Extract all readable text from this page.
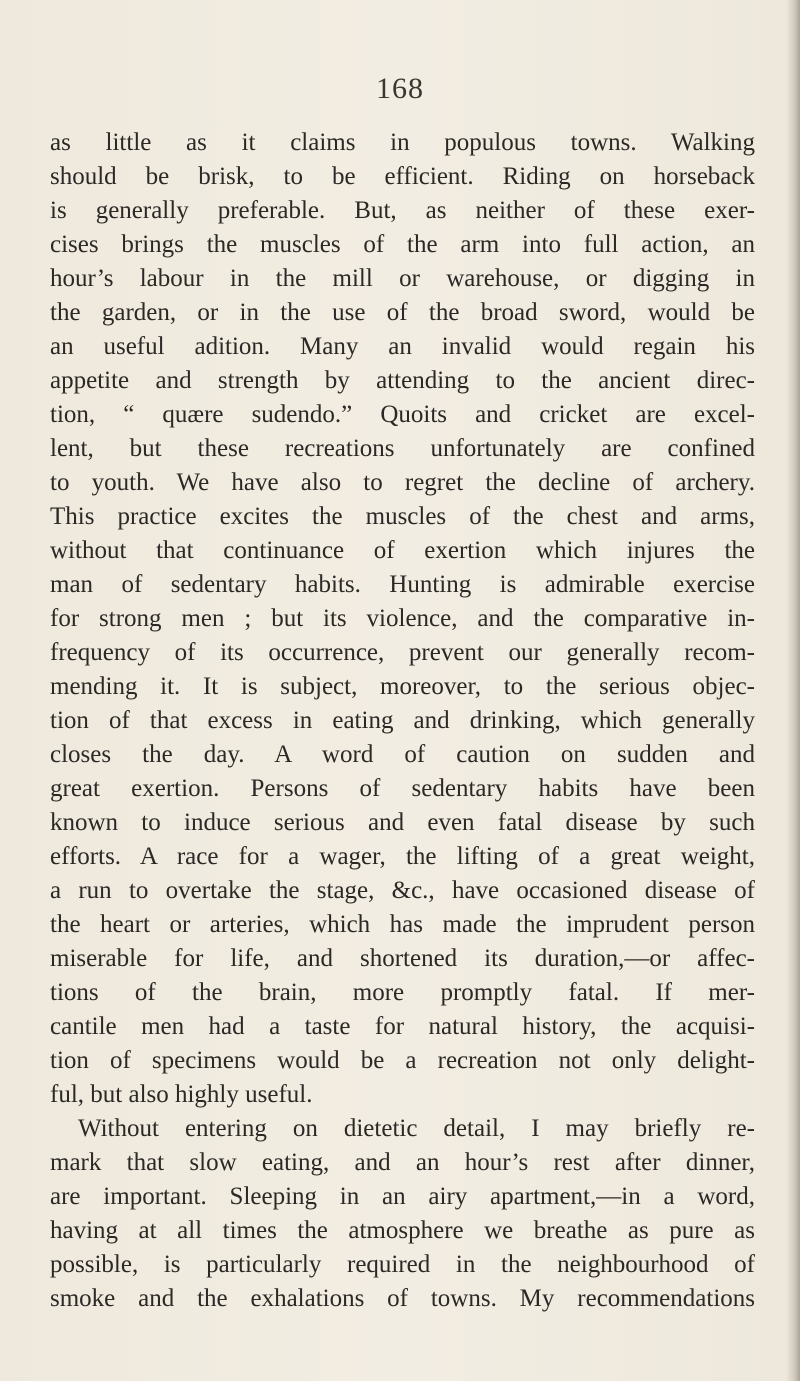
168
as little as it claims in populous towns. Walking
should be brisk, to be efficient. Riding on horseback
is generally preferable. But, as neither of these exer-
cises brings the muscles of the arm into full action, an
hour’s labour in the mill or warehouse, or digging in
the garden, or in the use of the broad sword, would be
an useful adition. Many an invalid would regain his
appetite and strength by attending to the ancient direc-
tion, “ quære sudendo.” Quoits and cricket are excel-
lent, but these recreations unfortunately are confined
to youth. We have also to regret the decline of archery.
This practice excites the muscles of the chest and arms,
without that continuance of exertion which injures the
man of sedentary habits. Hunting is admirable exercise
for strong men ; but its violence, and the comparative in-
frequency of its occurrence, prevent our generally recom-
mending it. It is subject, moreover, to the serious objec-
tion of that excess in eating and drinking, which generally
closes the day. A word of caution on sudden and
great exertion. Persons of sedentary habits have been
known to induce serious and even fatal disease by such
efforts. A race for a wager, the lifting of a great weight,
a run to overtake the stage, &c., have occasioned disease of
the heart or arteries, which has made the imprudent person
miserable for life, and shortened its duration,—or affec-
tions of the brain, more promptly fatal. If mer-
cantile men had a taste for natural history, the acquisi-
tion of specimens would be a recreation not only delight-
ful, but also highly useful.
Without entering on dietetic detail, I may briefly re-
mark that slow eating, and an hour’s rest after dinner,
are important. Sleeping in an airy apartment,—in a word,
having at all times the atmosphere we breathe as pure as
possible, is particularly required in the neighbourhood of
smoke and the exhalations of towns. My recommendations
